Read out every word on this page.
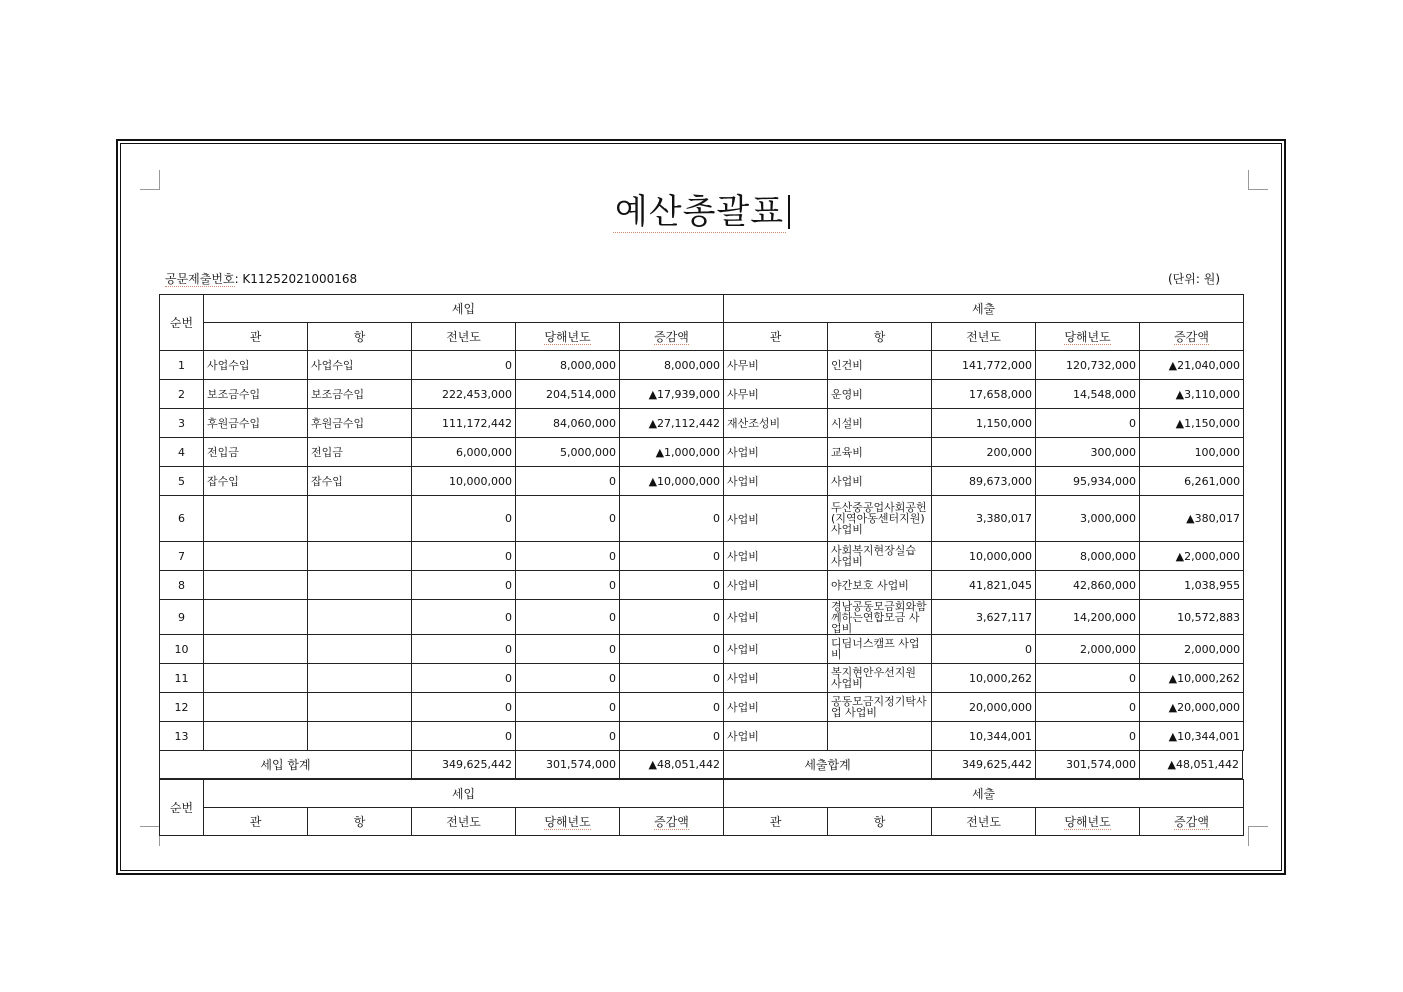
예산총괄표
공문제출번호: K11252021000168	(단위: 원)
순번	세입					세출				
	관	항	전년도	당해년도	증감액	관	항	전년도	당해년도	증감액
1	사업수입	사업수입	0	8,000,000	8,000,000	사무비	인건비	141,772,000	120,732,000	▲21,040,000
2	보조금수입	보조금수입	222,453,000	204,514,000	▲17,939,000	사무비	운영비	17,658,000	14,548,000	▲3,110,000
3	후원금수입	후원금수입	111,172,442	84,060,000	▲27,112,442	재산조성비	시설비	1,150,000	0	▲1,150,000
4	전입금	전입금	6,000,000	5,000,000	▲1,000,000	사업비	교육비	200,000	300,000	100,000
5	잡수입	잡수입	10,000,000	0	▲10,000,000	사업비	사업비	89,673,000	95,934,000	6,261,000
6			0	0	0	사업비	두산중공업사회공헌(지역아동센터지원) 사업비	3,380,017	3,000,000	▲380,017
7			0	0	0	사업비	사회복지현장실습 사업비	10,000,000	8,000,000	▲2,000,000
8			0	0	0	사업비	야간보호 사업비	41,821,045	42,860,000	1,038,955
9			0	0	0	사업비	경남공동모금회와함께하는연합모금 사업비	3,627,117	14,200,000	10,572,883
10			0	0	0	사업비	디딤너스캠프 사업비	0	2,000,000	2,000,000
11			0	0	0	사업비	복지현안우선지원 사업비	10,000,262	0	▲10,000,262
12			0	0	0	사업비	공동모금지정기탁사업 사업비	20,000,000	0	▲20,000,000
13			0	0	0	사업비		10,344,001	0	▲10,344,001
세입 합계	349,625,442	301,574,000	▲48,051,442	세출합계	349,625,442	301,574,000	▲48,051,442
순번	세입					세출				
	관	항	전년도	당해년도	증감액	관	항	전년도	당해년도	증감액
